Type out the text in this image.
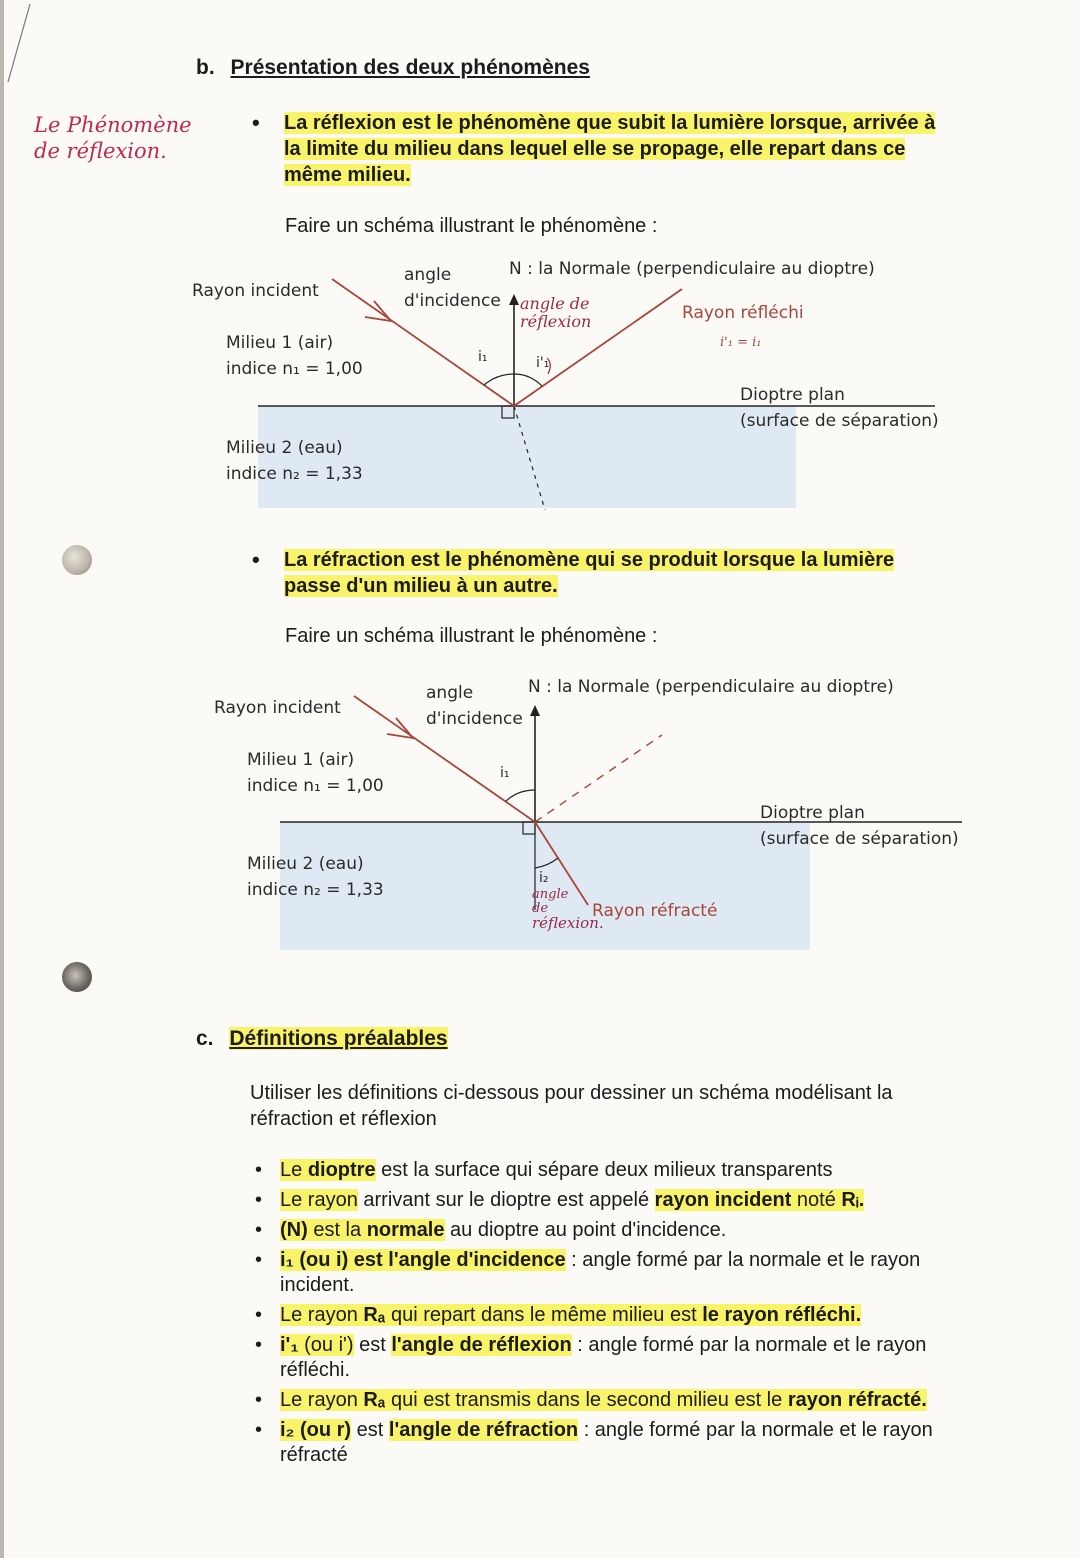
Le Phénomène
de réflexion.
b. Présentation des deux phénomènes
• La réflexion est le phénomène que subit la lumière lorsque, arrivée à
la limite du milieu dans lequel elle se propage, elle repart dans ce
même milieu.
Faire un schéma illustrant le phénomène :
Rayon incident
angle
d'incidence
N : la Normale (perpendiculaire au dioptre)
angle de
réflexion	Rayon réfléchi
i'₁ = i₁
Milieu 1 (air)
indice n₁ = 1,00
i₁	i'₁
Dioptre plan
(surface de séparation)
Milieu 2 (eau)
indice n₂ = 1,33
• La réfraction est le phénomène qui se produit lorsque la lumière
passe d'un milieu à un autre.
Faire un schéma illustrant le phénomène :
Rayon incident
angle
d'incidence
N : la Normale (perpendiculaire au dioptre)
Milieu 1 (air)
indice n₁ = 1,00
i₁
Dioptre plan
(surface de séparation)
Milieu 2 (eau)
indice n₂ = 1,33
i₂
angle
de
réflexion.
Rayon réfracté
c. Définitions préalables
Utiliser les définitions ci-dessous pour dessiner un schéma modélisant la
réfraction et réflexion
• Le dioptre est la surface qui sépare deux milieux transparents
• Le rayon arrivant sur le dioptre est appelé rayon incident noté Rᵢ.
• (N) est la normale au dioptre au point d'incidence.
• i₁ (ou i) est l'angle d'incidence : angle formé par la normale et le rayon incident.
• Le rayon Rₐ qui repart dans le même milieu est le rayon réfléchi.
• i'₁ (ou i') est l'angle de réflexion : angle formé par la normale et le rayon réfléchi.
• Le rayon Rₐ qui est transmis dans le second milieu est le rayon réfracté.
• i₂ (ou r) est l'angle de réfraction : angle formé par la normale et le rayon réfracté
